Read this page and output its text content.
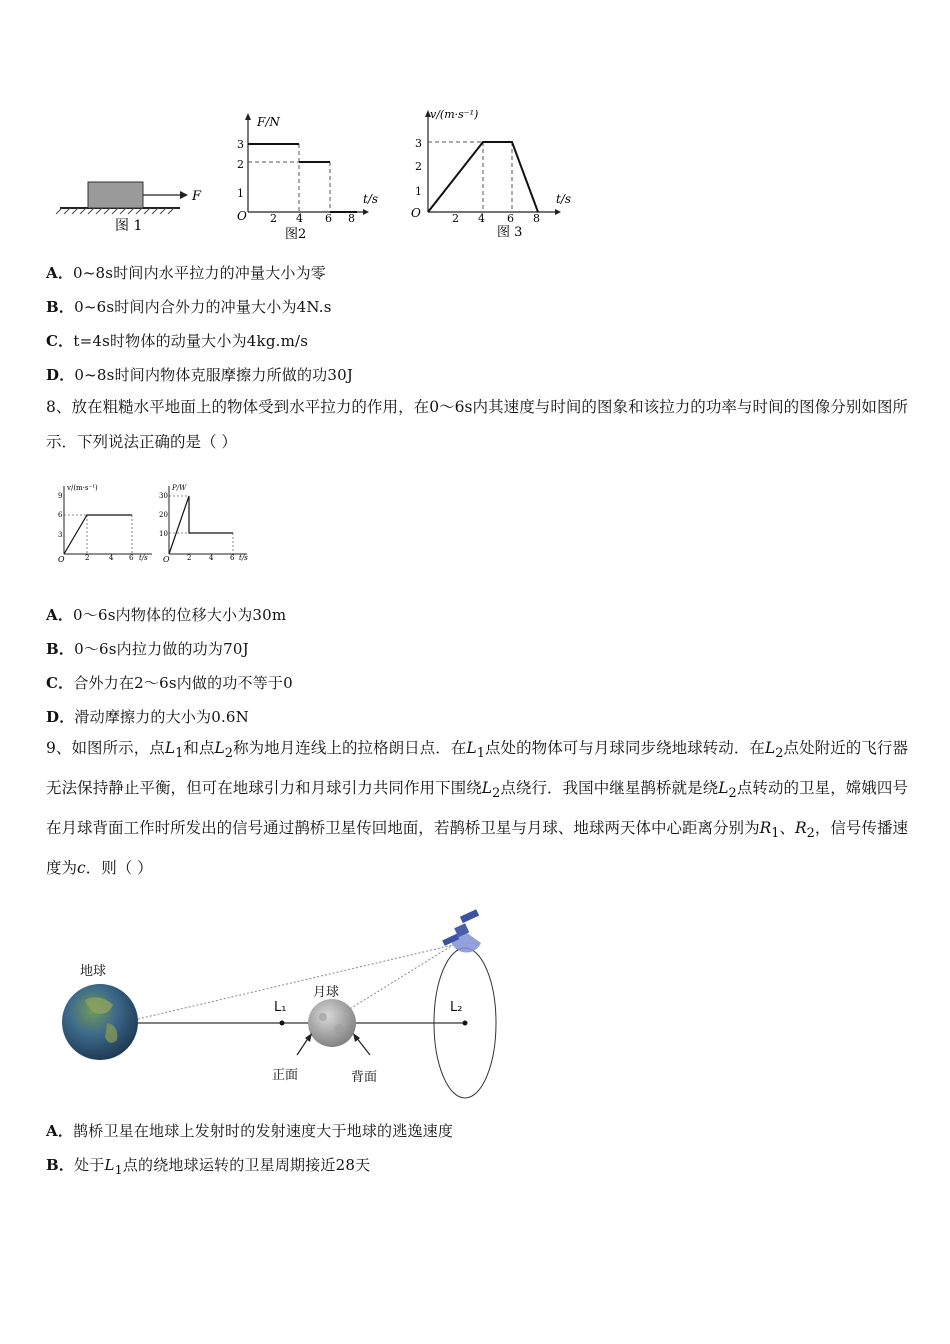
F
图 1
F/N
t/s
O
1
2
3
2 4 6 8
图2
v/(m·s⁻¹)
t/s
O
1
2
3
2 4 6 8
图 3
A．0~8s时间内水平拉力的冲量大小为零
B．0~6s时间内合外力的冲量大小为4N.s
C．t=4s时物体的动量大小为4kg.m/s
D．0~8s时间内物体克服摩擦力所做的功30J
8、放在粗糙水平地面上的物体受到水平拉力的作用，在0～6s内其速度与时间的图象和该拉力的功率与时间的图像分别如图所示．下列说法正确的是（ ）
v/(m·s⁻¹)
t/s
O
3
6
9
2	4 6
P/W
t/s
O
10
20
30
2	4 6
A．0～6s内物体的位移大小为30m
B．0～6s内拉力做的功为70J
C．合外力在2～6s内做的功不等于0
D．滑动摩擦力的大小为0.6N
9、如图所示，点$L_1$和点$L_2$称为地月连线上的拉格朗日点．在$L_1$点处的物体可与月球同步绕地球转动．在$L_2$点处附近的飞行器无法保持静止平衡，但可在地球引力和月球引力共同作用下围绕$L_2$点绕行．我国中继星鹊桥就是绕$L_2$点转动的卫星，嫦娥四号在月球背面工作时所发出的信号通过鹊桥卫星传回地面，若鹊桥卫星与月球、地球两天体中心距离分别为$R_1$、$R_2$，信号传播速度为c．则（ ）
地球
月球
L₁	L₂
正面	背面
A．鹊桥卫星在地球上发射时的发射速度大于地球的逃逸速度
B．处于$L_1$点的绕地球运转的卫星周期接近28天
